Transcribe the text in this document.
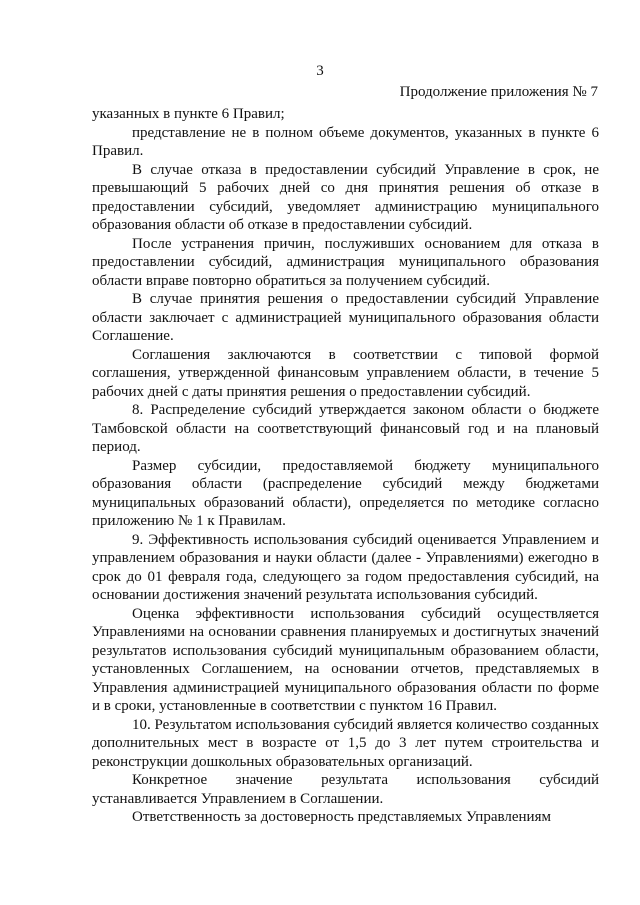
3
Продолжение приложения № 7

указанных в пункте 6 Правил;

представление не в полном объеме документов, указанных в пункте 6 Правил.

В случае отказа в предоставлении субсидий Управление в срок, не превышающий 5 рабочих дней со дня принятия решения об отказе в предоставлении субсидий, уведомляет администрацию муниципального образования области об отказе в предоставлении субсидий.

После устранения причин, послуживших основанием для отказа в предоставлении субсидий, администрация муниципального образования области вправе повторно обратиться за получением субсидий.

В случае принятия решения о предоставлении субсидий Управление области заключает с администрацией муниципального образования области Соглашение.

Соглашения заключаются в соответствии с типовой формой соглашения, утвержденной финансовым управлением области, в течение 5 рабочих дней с даты принятия решения о предоставлении субсидий.

8. Распределение субсидий утверждается законом области о бюджете Тамбовской области на соответствующий финансовый год и на плановый период.

Размер субсидии, предоставляемой бюджету муниципального образования области (распределение субсидий между бюджетами муниципальных образований области), определяется по методике согласно приложению № 1 к Правилам.

9. Эффективность использования субсидий оценивается Управлением и управлением образования и науки области (далее - Управлениями) ежегодно в срок до 01 февраля года, следующего за годом предоставления субсидий, на основании достижения значений результата использования субсидий.

Оценка эффективности использования субсидий осуществляется Управлениями на основании сравнения планируемых и достигнутых значений результатов использования субсидий муниципальным образованием области, установленных Соглашением, на основании отчетов, представляемых в Управления администрацией муниципального образования области по форме и в сроки, установленные в соответствии с пунктом 16 Правил.

10. Результатом использования субсидий является количество созданных дополнительных мест в возрасте от 1,5 до 3 лет путем строительства и реконструкции дошкольных образовательных организаций.

Конкретное значение результата использования субсидий устанавливается Управлением в Соглашении.

Ответственность за достоверность представляемых Управлениям
